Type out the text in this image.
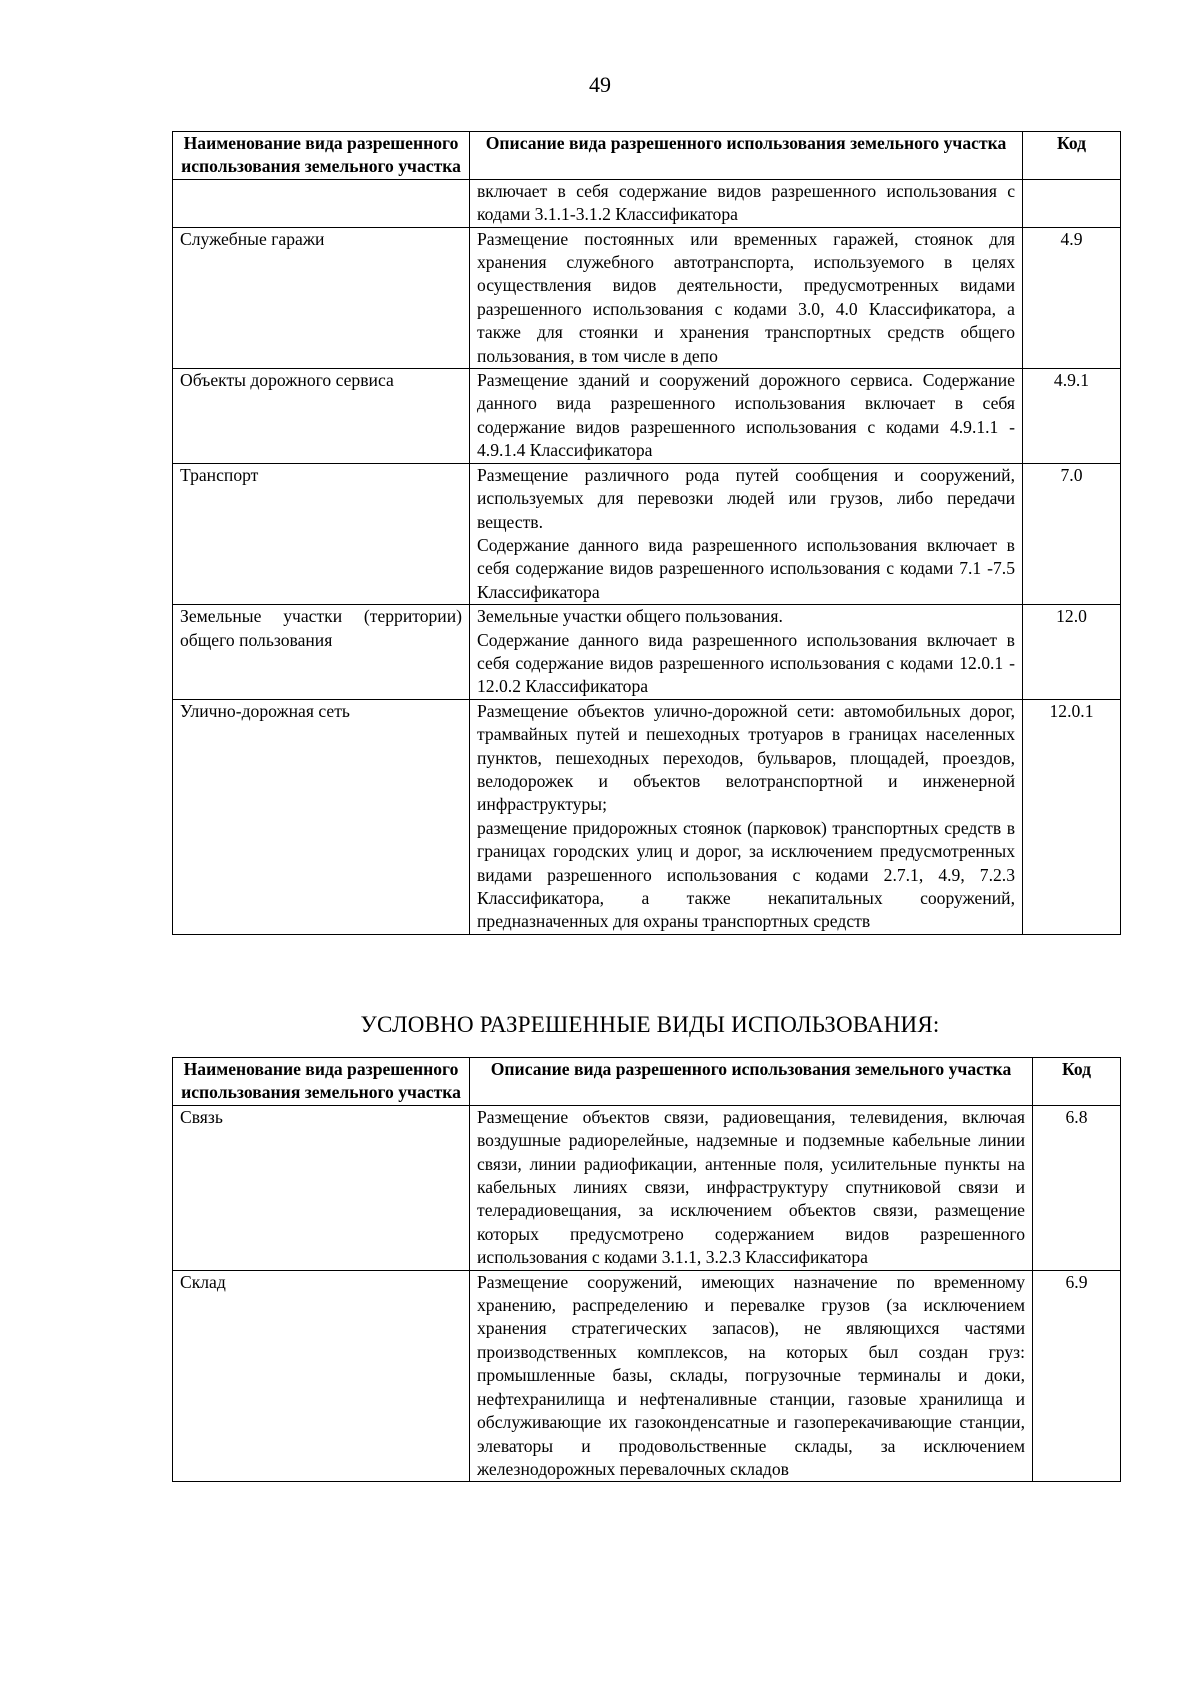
49
Наименование вида разрешенного использования земельного участка	Описание вида разрешенного использования земельного участка	Код

	включает в себя содержание видов разрешенного использования с кодами 3.1.1-3.1.2 Классификатора	

Служебные гаражи	Размещение постоянных или временных гаражей, стоянок для хранения служебного автотранспорта, используемого в целях осуществления видов деятельности, предусмотренных видами разрешенного использования с кодами 3.0, 4.0 Классификатора, а также для стоянки и хранения транспортных средств общего пользования, в том числе в депо	4.9
Объекты дорожного сервиса	Размещение зданий и сооружений дорожного сервиса. Содержание данного вида разрешенного использования включает в себя содержание видов разрешенного использования с кодами 4.9.1.1 - 4.9.1.4 Классификатора	4.9.1
Транспорт	Размещение различного рода путей сообщения и сооружений, используемых для перевозки людей или грузов, либо передачи веществ.
Содержание данного вида разрешенного использования включает в себя содержание видов разрешенного использования с кодами 7.1 -7.5 Классификатора	7.0
Земельные участки (территории) общего пользования	Земельные участки общего пользования.
Содержание данного вида разрешенного использования включает в себя содержание видов разрешенного использования с кодами 12.0.1 - 12.0.2 Классификатора	12.0
Улично-дорожная сеть	Размещение объектов улично-дорожной сети: автомобильных дорог, трамвайных путей и пешеходных тротуаров в границах населенных пунктов, пешеходных переходов, бульваров, площадей, проездов, велодорожек и объектов велотранспортной и инженерной инфраструктуры;
размещение придорожных стоянок (парковок) транспортных средств в границах городских улиц и дорог, за исключением предусмотренных видами разрешенного использования с кодами 2.7.1, 4.9, 7.2.3 Классификатора, а также некапитальных сооружений, предназначенных для охраны транспортных средств	12.0.1
УСЛОВНО РАЗРЕШЕННЫЕ ВИДЫ ИСПОЛЬЗОВАНИЯ:
Наименование вида разрешенного использования земельного участка	Описание вида разрешенного использования земельного участка	Код
Связь	Размещение объектов связи, радиовещания, телевидения, включая воздушные радиорелейные, надземные и подземные кабельные линии связи, линии радиофикации, антенные поля, усилительные пункты на кабельных линиях связи, инфраструктуру спутниковой связи и телерадиовещания, за исключением объектов связи, размещение которых предусмотрено содержанием видов разрешенного использования с кодами 3.1.1, 3.2.3 Классификатора	6.8
Склад	Размещение сооружений, имеющих назначение по временному хранению, распределению и перевалке грузов (за исключением хранения стратегических запасов), не являющихся частями производственных комплексов, на которых был создан груз: промышленные базы, склады, погрузочные терминалы и доки, нефтехранилища и нефтеналивные станции, газовые хранилища и обслуживающие их газоконденсатные и газоперекачивающие станции, элеваторы и продовольственные склады, за исключением железнодорожных перевалочных складов	6.9
